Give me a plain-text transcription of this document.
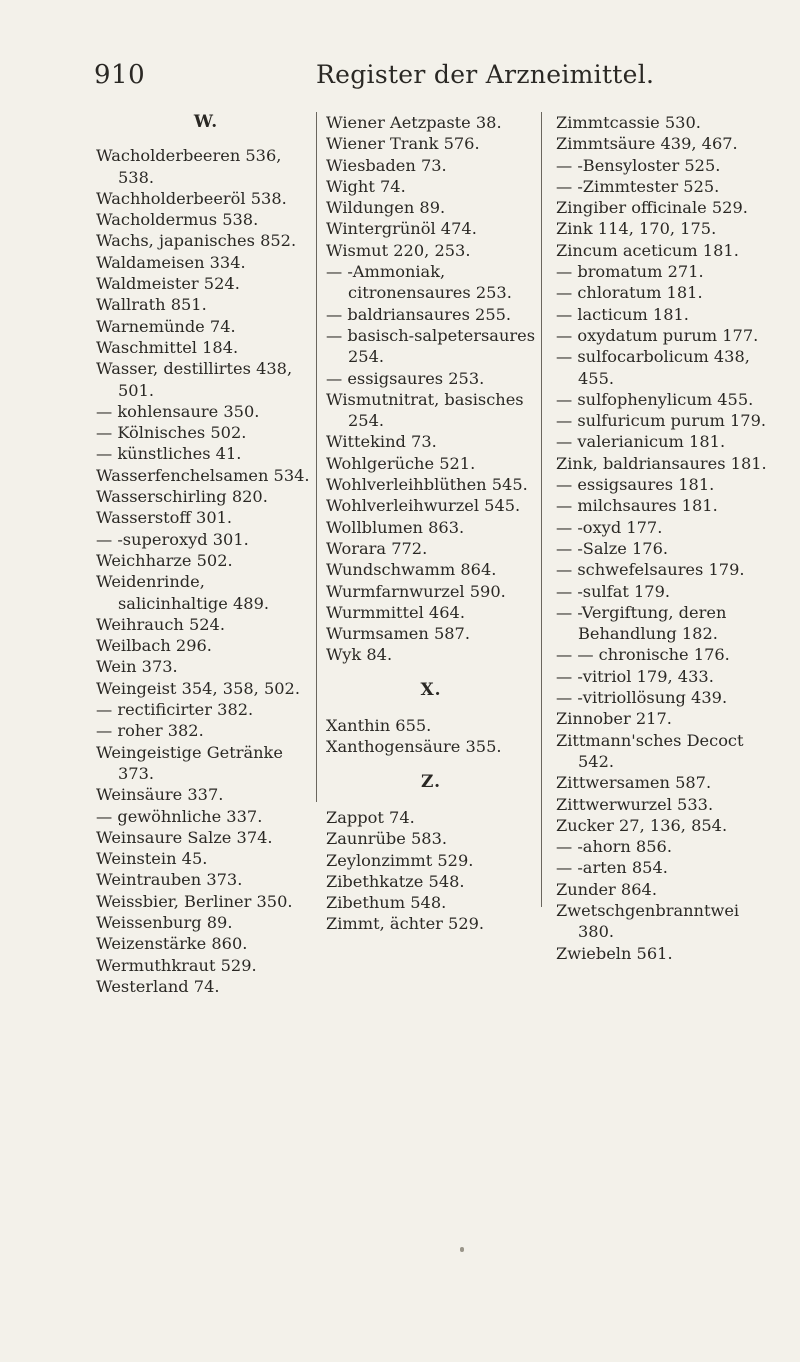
910	Register der Arzneimittel.
W.
Wacholderbeeren 536, 538.
Wachholderbeeröl 538.
Wacholdermus 538.
Wachs, japanisches 852.
Waldameisen 334.
Waldmeister 524.
Wallrath 851.
Warnemünde 74.
Waschmittel 184.
Wasser, destillirtes 438, 501.
— kohlensaure 350.
— Kölnisches 502.
— künstliches 41.
Wasserfenchelsamen 534.
Wasserschirling 820.
Wasserstoff 301.
— -superoxyd 301.
Weichharze 502.
Weidenrinde, salicinhaltige 489.
Weihrauch 524.
Weilbach 296.
Wein 373.
Weingeist 354, 358, 502.
— rectificirter 382.
— roher 382.
Weingeistige Getränke 373.
Weinsäure 337.
— gewöhnliche 337.
Weinsaure Salze 374.
Weinstein 45.
Weintrauben 373.
Weissbier, Berliner 350.
Weissenburg 89.
Weizenstärke 860.
Wermuthkraut 529.
Westerland 74.
Wiener Aetzpaste 38.
Wiener Trank 576.
Wiesbaden 73.
Wight 74.
Wildungen 89.
Wintergrünöl 474.
Wismut 220, 253.
— -Ammoniak, citronensaures 253.
— baldriansaures 255.
— basisch-salpetersaures 254.
— essigsaures 253.
Wismutnitrat, basisches 254.
Wittekind 73.
Wohlgerüche 521.
Wohlverleihblüthen 545.
Wohlverleihwurzel 545.
Wollblumen 863.
Worara 772.
Wundschwamm 864.
Wurmfarnwurzel 590.
Wurmmittel 464.
Wurmsamen 587.
Wyk 84.
X.
Xanthin 655.
Xanthogensäure 355.
Z.
Zappot 74.
Zaunrübe 583.
Zeylonzimmt 529.
Zibethkatze 548.
Zibethum 548.
Zimmt, ächter 529.
Zimmtcassie 530.
Zimmtsäure 439, 467.
— -Bensyloster 525.
— -Zimmtester 525.
Zingiber officinale 529.
Zink 114, 170, 175.
Zincum aceticum 181.
— bromatum 271.
— chloratum 181.
— lacticum 181.
— oxydatum purum 177.
— sulfocarbolicum 438, 455.
— sulfophenylicum 455.
— sulfuricum purum 179.
— valerianicum 181.
Zink, baldriansaures 181.
— essigsaures 181.
— milchsaures 181.
— -oxyd 177.
— -Salze 176.
— schwefelsaures 179.
— -sulfat 179.
— -Vergiftung, deren Behandlung 182.
— — chronische 176.
— -vitriol 179, 433.
— -vitriollösung 439.
Zinnober 217.
Zittmann'sches Decoct 542.
Zittwersamen 587.
Zittwerwurzel 533.
Zucker 27, 136, 854.
— -ahorn 856.
— -arten 854.
Zunder 864.
Zwetschgenbranntwei 380.
Zwiebeln 561.
